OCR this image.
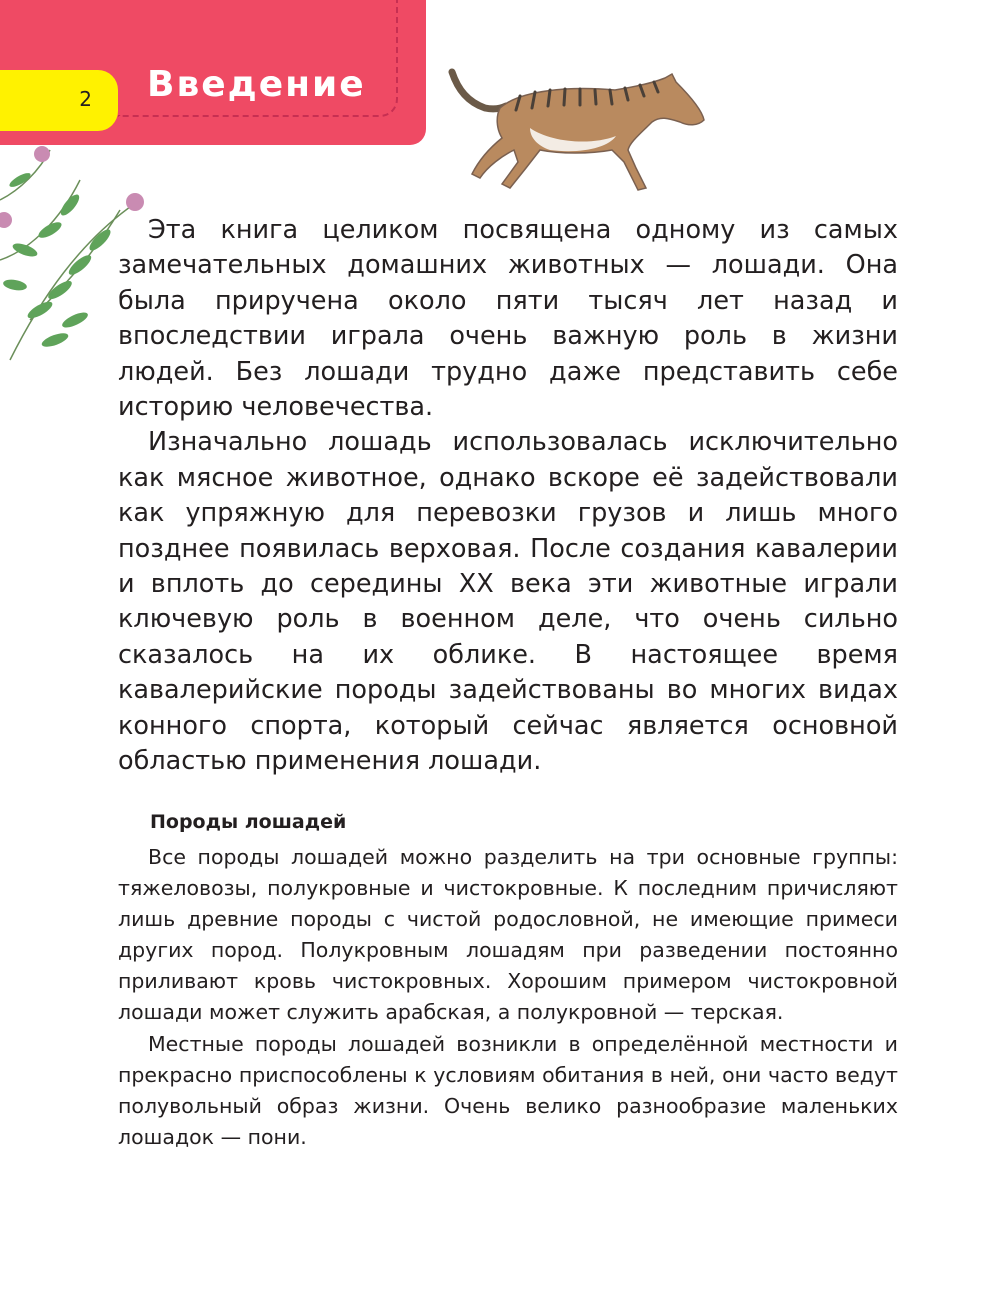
2 Введение

Эта книга целиком посвящена одному из самых замечательных домашних животных — лошади. Она была приручена около пяти тысяч лет назад и впоследствии играла очень важную роль в жизни людей. Без лошади трудно даже представить себе историю человечества.

Изначально лошадь использовалась исключительно как мясное животное, однако вскоре её задействовали как упряжную для перевозки грузов и лишь много позднее появилась верховая. После создания кавалерии и вплоть до середины XX века эти животные играли ключевую роль в военном деле, что очень сильно сказалось на их облике. В настоящее время кавалерийские породы задействованы во многих видах конного спорта, который сейчас является основной областью применения лошади.

Породы лошадей

Все породы лошадей можно разделить на три основные группы: тяжеловозы, полукровные и чистокровные. К последним причисляют лишь древние породы с чистой родословной, не имеющие примеси других пород. Полукровным лошадям при разведении постоянно приливают кровь чистокровных. Хорошим примером чистокровной лошади может служить арабская, а полукровной — терская.

Местные породы лошадей возникли в определённой местности и прекрасно приспособлены к условиям обитания в ней, они часто ведут полувольный образ жизни. Очень велико разнообразие маленьких лошадок — пони.
